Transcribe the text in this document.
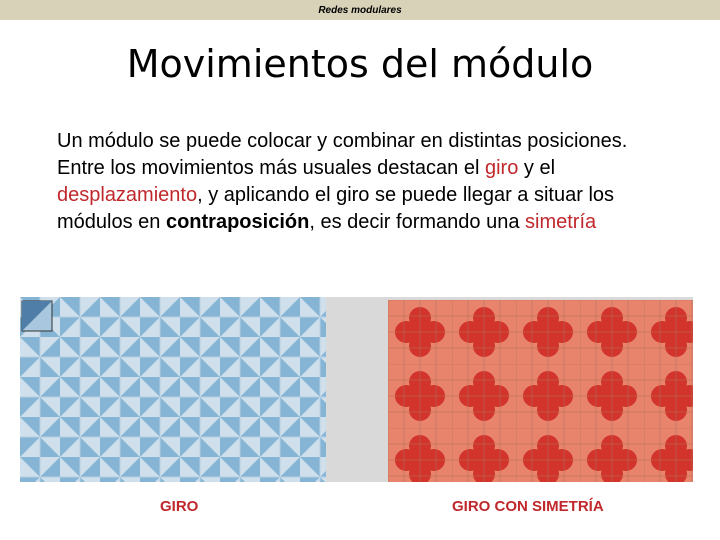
Redes modulares
Movimientos del módulo
Un módulo se puede colocar y combinar en distintas posiciones. Entre los movimientos más usuales destacan el giro y el desplazamiento, y aplicando el giro se puede llegar a situar los módulos en contraposición, es decir formando una simetría
GIRO	GIRO CON SIMETRÍA
